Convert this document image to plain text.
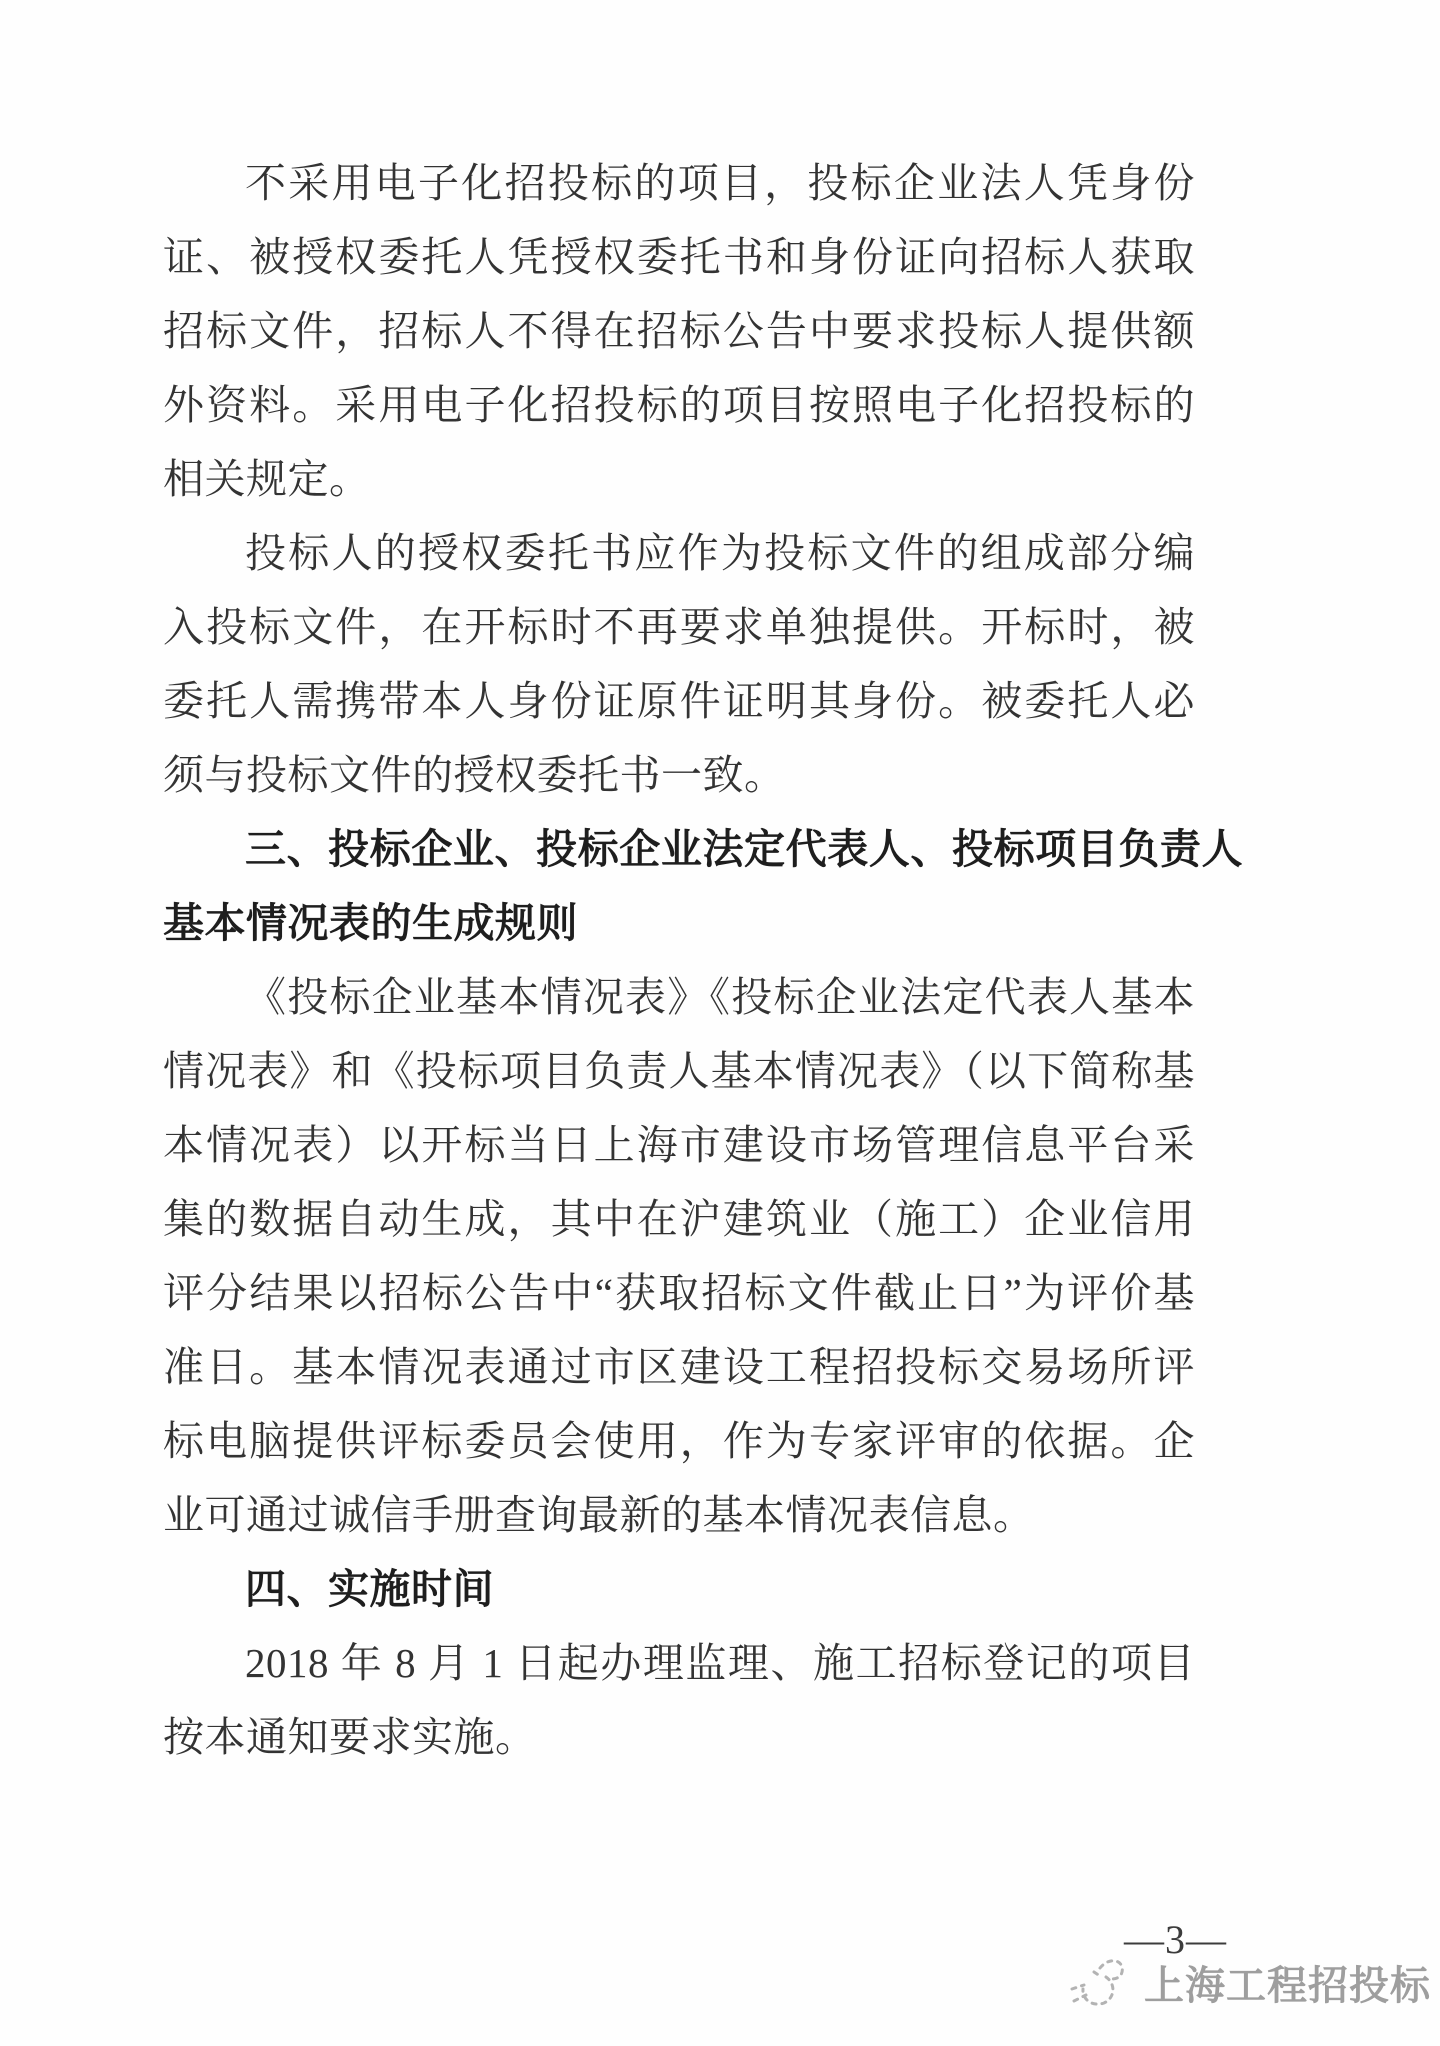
不采用电子化招投标的项目，投标企业法人凭身份证、被授权委托人凭授权委托书和身份证向招标人获取招标文件，招标人不得在招标公告中要求投标人提供额外资料。采用电子化招投标的项目按照电子化招投标的相关规定。
投标人的授权委托书应作为投标文件的组成部分编入投标文件，在开标时不再要求单独提供。开标时，被委托人需携带本人身份证原件证明其身份。被委托人必须与投标文件的授权委托书一致。
三、投标企业、投标企业法定代表人、投标项目负责人基本情况表的生成规则
《投标企业基本情况表》《投标企业法定代表人基本情况表》和《投标项目负责人基本情况表》（以下简称基本情况表）以开标当日上海市建设市场管理信息平台采集的数据自动生成，其中在沪建筑业（施工）企业信用评分结果以招标公告中“获取招标文件截止日”为评价基准日。基本情况表通过市区建设工程招投标交易场所评标电脑提供评标委员会使用，作为专家评审的依据。企业可通过诚信手册查询最新的基本情况表信息。
四、实施时间
2018 年 8 月 1 日起办理监理、施工招标登记的项目按本通知要求实施。
—3—
上海工程招投标
